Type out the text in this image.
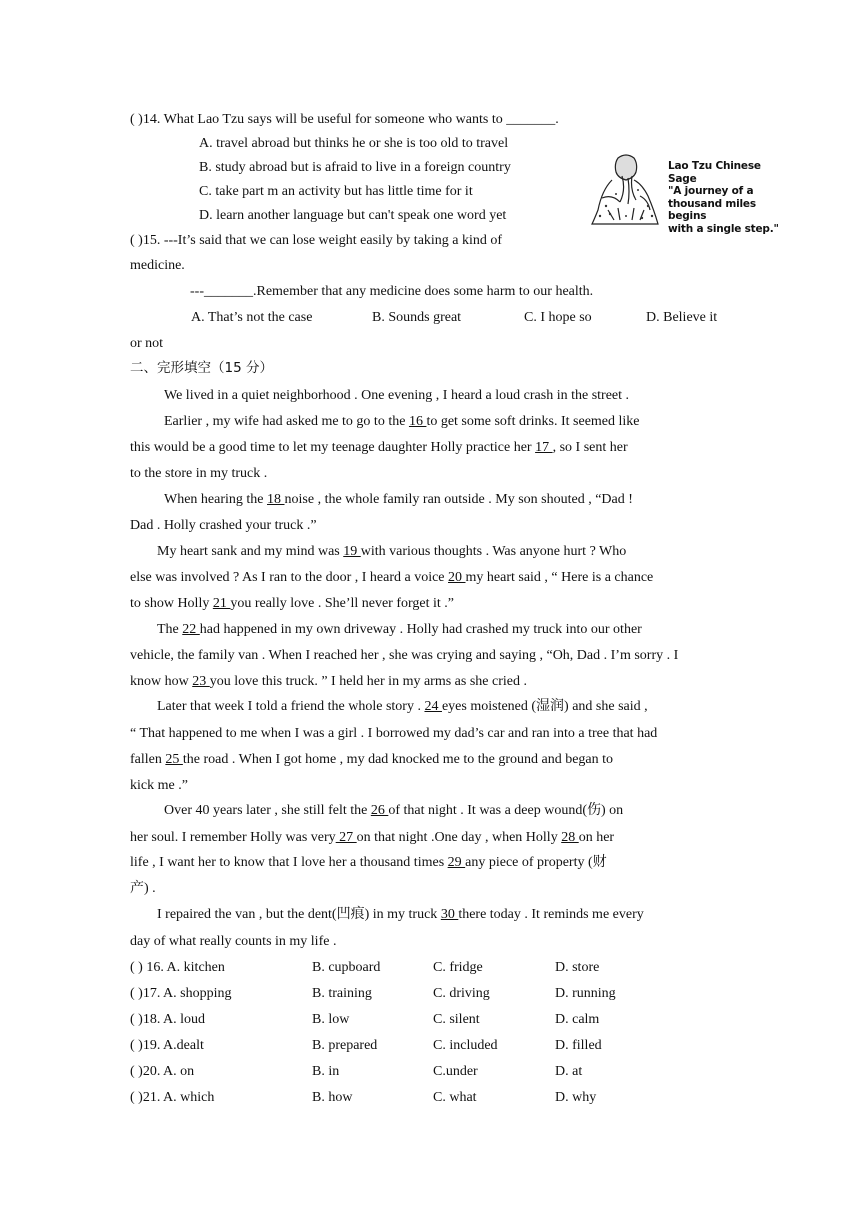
( )14. What Lao Tzu says will be useful for someone who wants to _______.
A. travel abroad but thinks he or she is too old to travel
B. study abroad but is afraid to live in a foreign country
C. take part m an activity but has little time for it
D. learn another language but can't speak one word yet
Lao Tzu Chinese Sage
"A journey of a
thousand miles begins
with a single step."
( )15. ---It’s said that we can lose weight easily by taking a kind of
medicine.
---_______.Remember that any medicine does some harm to our health.
A. That’s not the case	B. Sounds great	C. I hope so	D. Believe it
or not
二、完形填空（15 分）
We lived in a quiet neighborhood . One evening , I heard a loud crash in the street .
Earlier , my wife had asked me to go to the 16 to get some soft drinks. It seemed like
this would be a good time to let my teenage daughter Holly practice her 17 , so I sent her
to the store in my truck .
When hearing the 18 noise , the whole family ran outside . My son shouted , “Dad !
Dad . Holly crashed your truck .”
My heart sank and my mind was 19 with various thoughts . Was anyone hurt ? Who
else was involved ? As I ran to the door , I heard a voice 20 my heart said , “ Here is a chance
to show Holly 21 you really love . She’ll never forget it .”
The 22 had happened in my own driveway . Holly had crashed my truck into our other
vehicle, the family van . When I reached her , she was crying and saying , “Oh, Dad . I’m sorry . I
know how 23 you love this truck. ” I held her in my arms as she cried .
Later that week I told a friend the whole story . 24 eyes moistened (湿润) and she said ,
“ That happened to me when I was a girl . I borrowed my dad’s car and ran into a tree that had
fallen 25 the road . When I got home , my dad knocked me to the ground and began to
kick me .”
Over 40 years later , she still felt the 26 of that night . It was a deep wound(伤) on
her soul. I remember Holly was very 27 on that night .One day , when Holly 28 on her
life , I want her to know that I love her a thousand times 29 any piece of property (财
产) .
I repaired the van , but the dent(凹痕) in my truck 30 there today . It reminds me every
day of what really counts in my life .
( ) 16. A. kitchen	B. cupboard	C. fridge	D. store
( )17. A. shopping	B. training	C. driving	D. running
( )18. A. loud	B. low	C. silent	D. calm
( )19. A.dealt	B. prepared	C. included	D. filled
( )20. A. on	B. in	C.under	D. at
( )21. A. which	B. how	C. what	D. why
